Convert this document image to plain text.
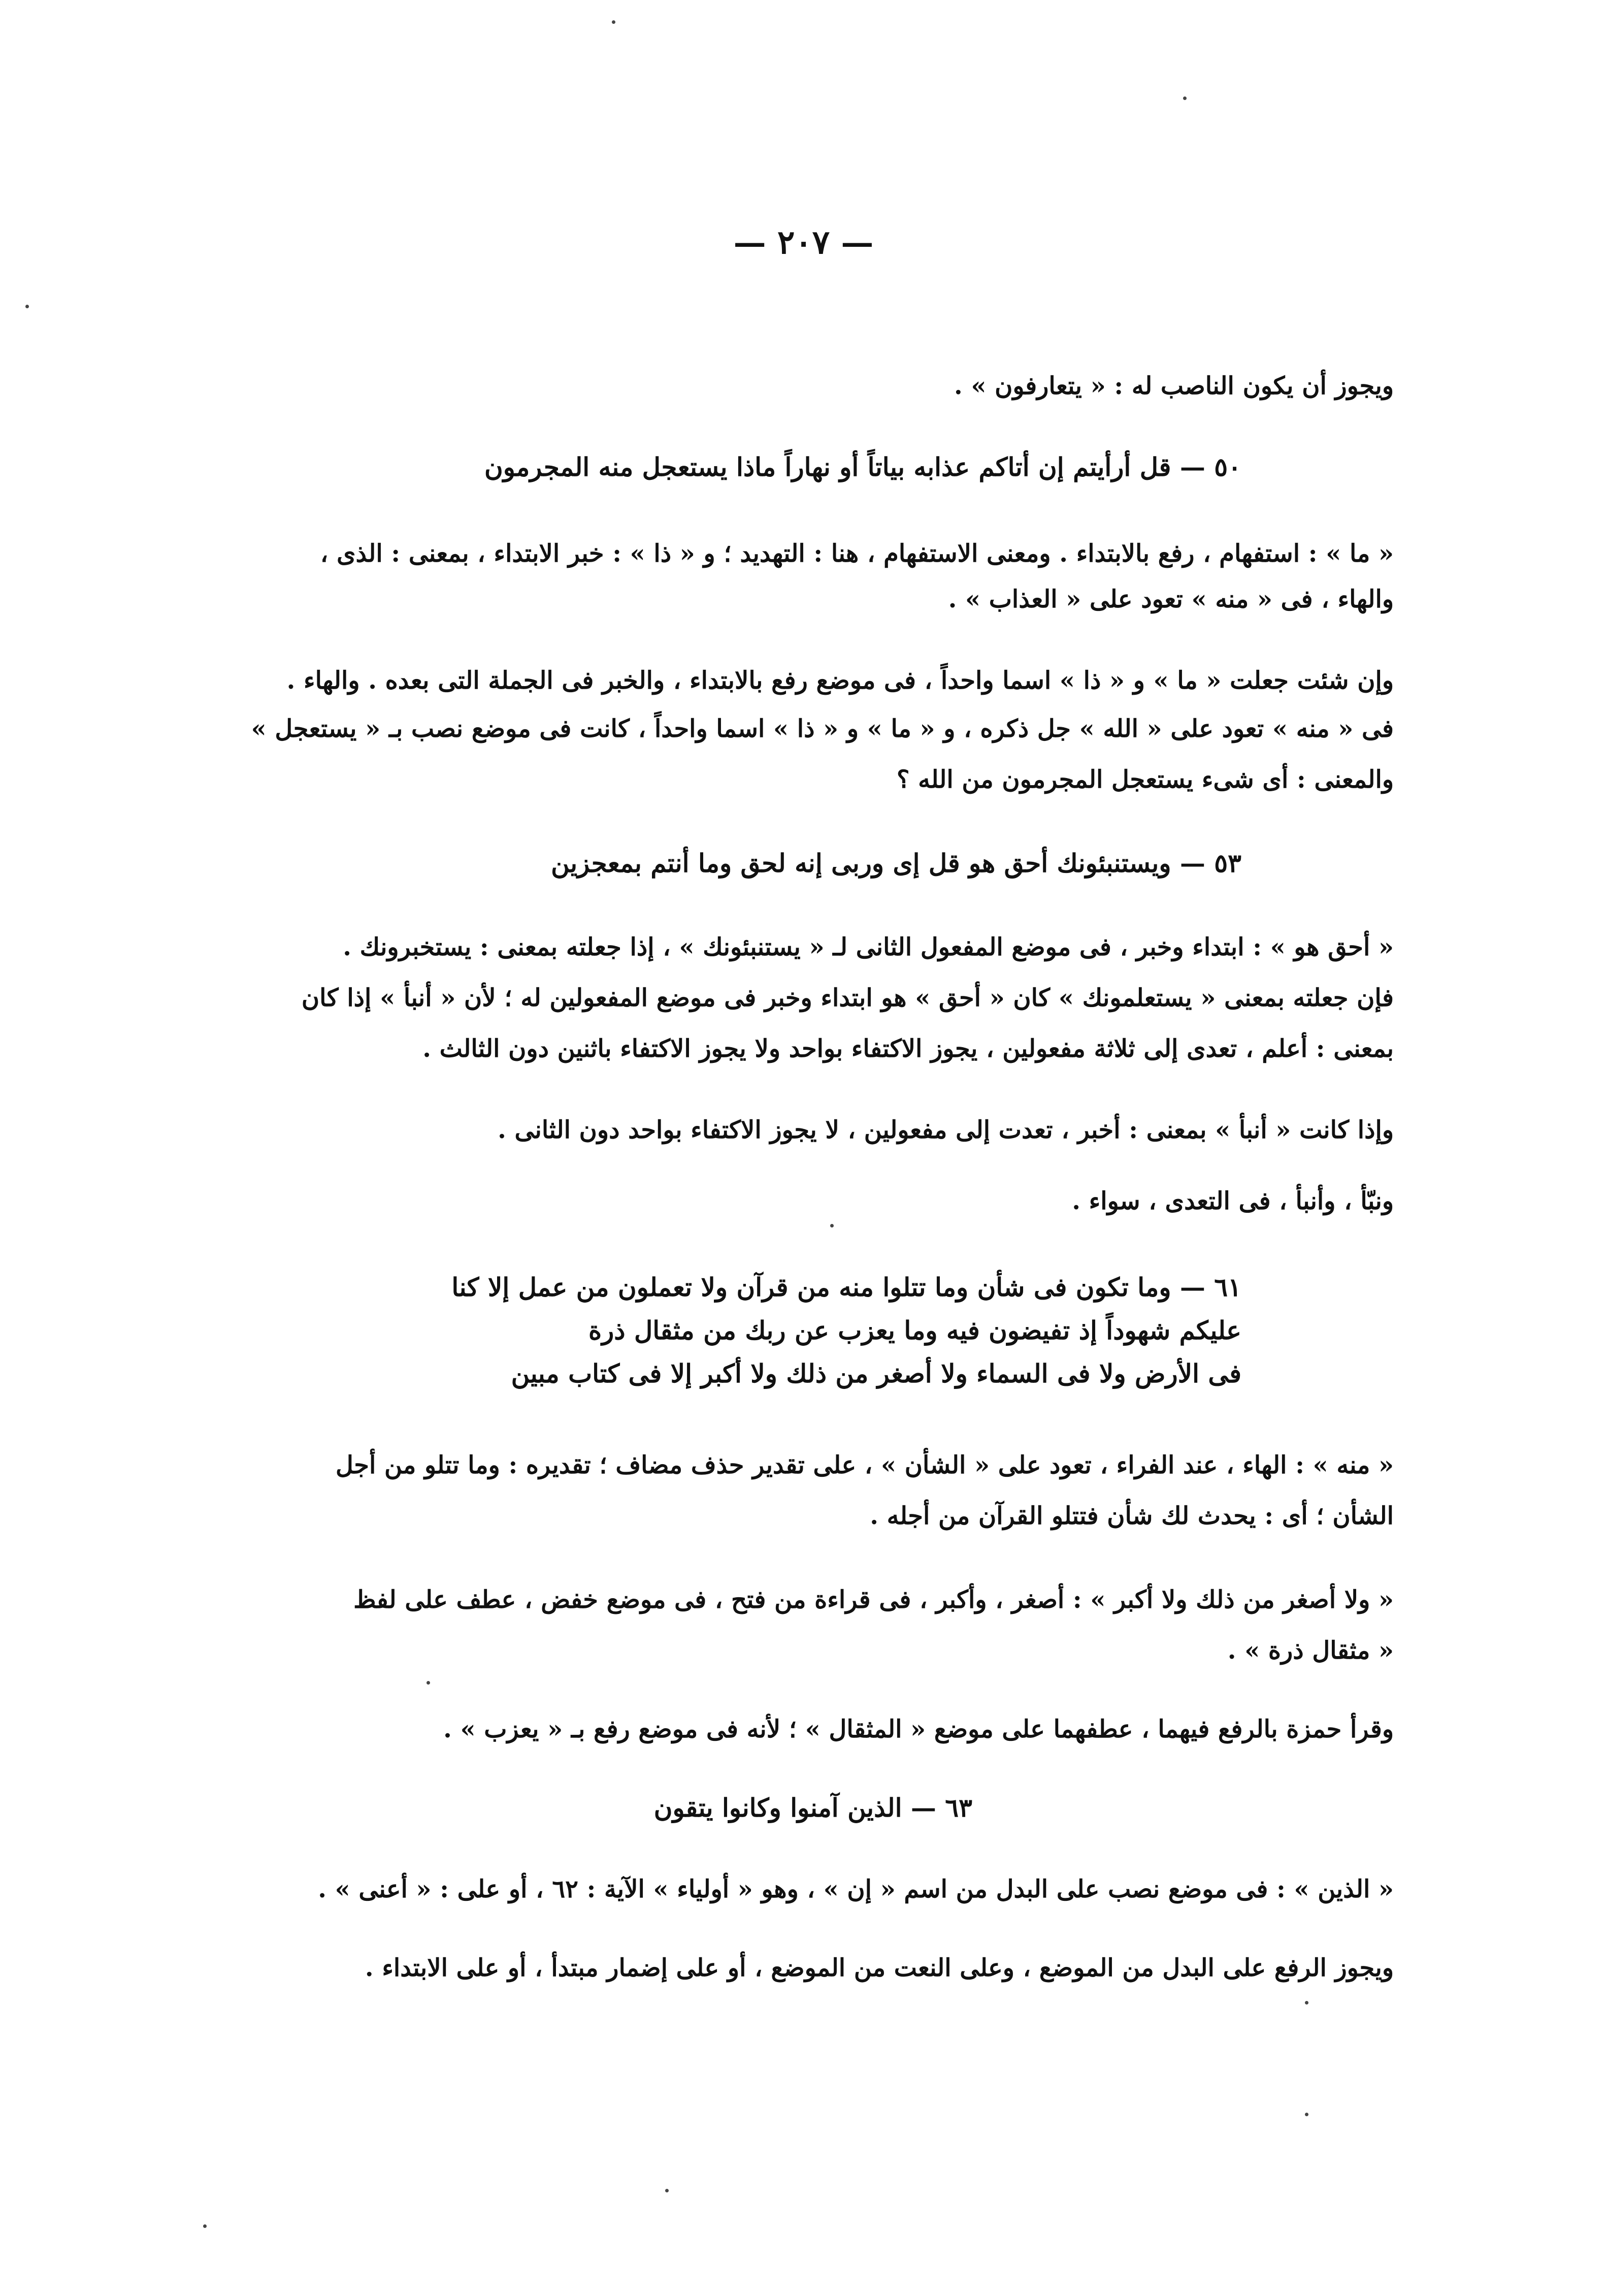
— ٢٠٧ —
ويجوز أن يكون الناصب له : « يتعارفون » .
٥٠ — قل أرأيتم إن أتاكم عذابه بياتاً أو نهاراً ماذا يستعجل منه المجرمون
« ما » : استفهام ، رفع بالابتداء . ومعنى الاستفهام ، هنا : التهديد ؛ و « ذا » : خبر الابتداء ، بمعنى : الذى ،
والهاء ، فى « منه » تعود على « العذاب » .
وإن شئت جعلت « ما » و « ذا » اسما واحداً ، فى موضع رفع بالابتداء ، والخبر فى الجملة التى بعده . والهاء .
فى « منه » تعود على « الله » جل ذكره ، و « ما » و « ذا » اسما واحداً ، كانت فى موضع نصب بـ « يستعجل »
والمعنى : أى شىء يستعجل المجرمون من الله ؟
٥٣ — ويستنبئونك أحق هو قل إى وربى إنه لحق وما أنتم بمعجزين
« أحق هو » : ابتداء وخبر ، فى موضع المفعول الثانى لـ « يستنبئونك » ، إذا جعلته بمعنى : يستخبرونك .
فإن جعلته بمعنى « يستعلمونك » كان « أحق » هو ابتداء وخبر فى موضع المفعولين له ؛ لأن « أنبأ » إذا كان
بمعنى : أعلم ، تعدى إلى ثلاثة مفعولين ، يجوز الاكتفاء بواحد ولا يجوز الاكتفاء باثنين دون الثالث .
وإذا كانت « أنبأ » بمعنى : أخبر ، تعدت إلى مفعولين ، لا يجوز الاكتفاء بواحد دون الثانى .
ونبّأ ، وأنبأ ، فى التعدى ، سواء .
٦١ — وما تكون فى شأن وما تتلوا منه من قرآن ولا تعملون من عمل إلا كنا
عليكم شهوداً إذ تفيضون فيه وما يعزب عن ربك من مثقال ذرة
فى الأرض ولا فى السماء ولا أصغر من ذلك ولا أكبر إلا فى كتاب مبين
« منه » : الهاء ، عند الفراء ، تعود على « الشأن » ، على تقدير حذف مضاف ؛ تقديره : وما تتلو من أجل
الشأن ؛ أى : يحدث لك شأن فتتلو القرآن من أجله .
« ولا أصغر من ذلك ولا أكبر » : أصغر ، وأكبر ، فى قراءة من فتح ، فى موضع خفض ، عطف على لفظ
« مثقال ذرة » .
وقرأ حمزة بالرفع فيهما ، عطفهما على موضع « المثقال » ؛ لأنه فى موضع رفع بـ « يعزب » .
٦٣ — الذين آمنوا وكانوا يتقون
« الذين » : فى موضع نصب على البدل من اسم « إن » ، وهو « أولياء » الآية : ٦٢ ، أو على : « أعنى » .
ويجوز الرفع على البدل من الموضع ، وعلى النعت من الموضع ، أو على إضمار مبتدأ ، أو على الابتداء .
